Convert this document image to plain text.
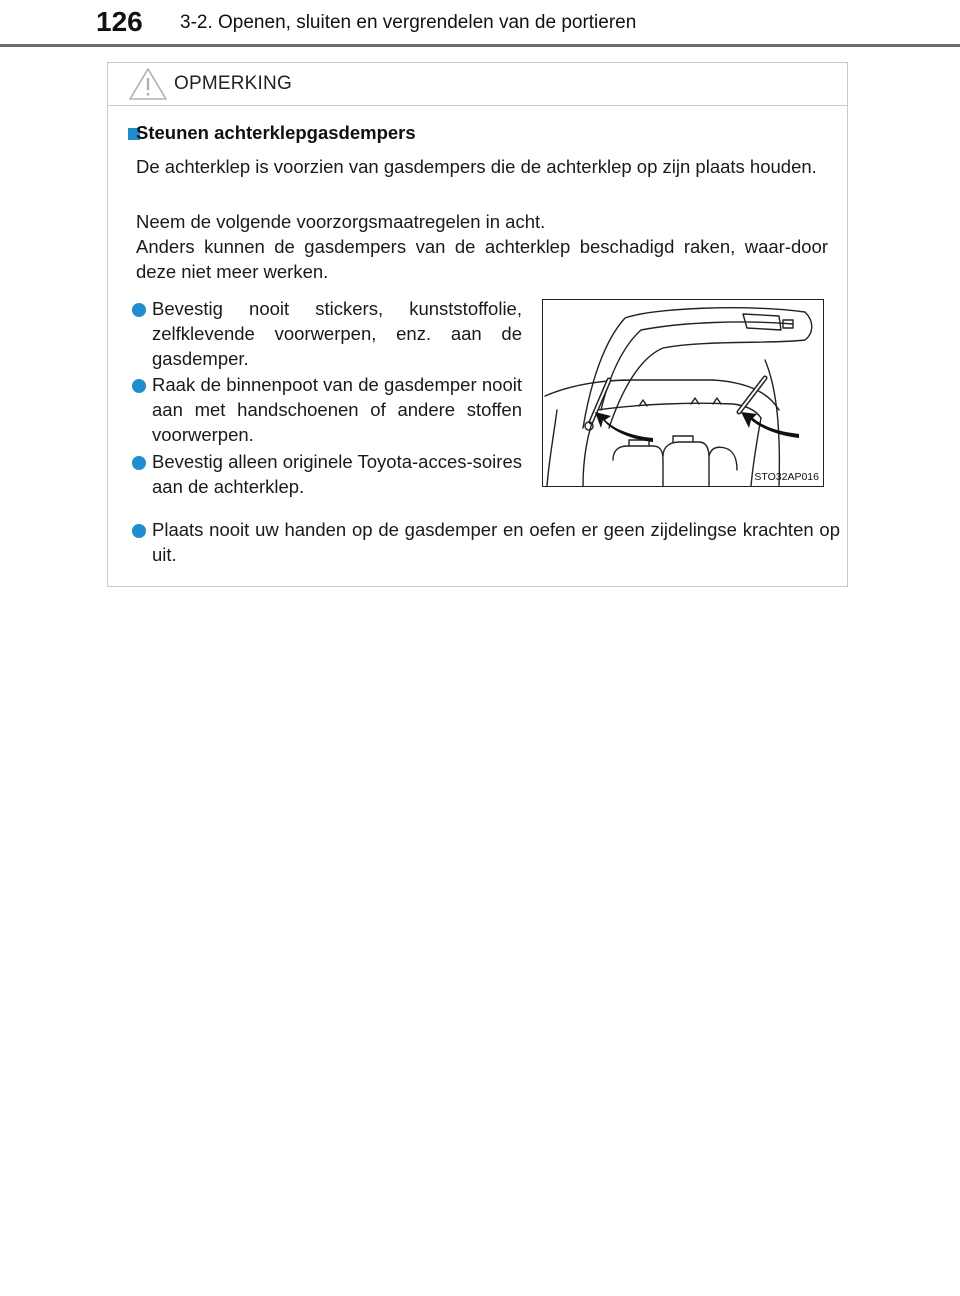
126 3-2. Openen, sluiten en vergrendelen van de portieren
OPMERKING
Steunen achterklepgasdempers

De achterklep is voorzien van gasdempers die de achterklep op zijn plaats houden.

Neem de volgende voorzorgsmaatregelen in acht.

Anders kunnen de gasdempers van de achterklep beschadigd raken, waar-door deze niet meer werken.

Bevestig nooit stickers, kunststoffolie, zelfklevende voorwerpen, enz. aan de gasdemper.

Raak de binnenpoot van de gasdemper nooit aan met handschoenen of andere stoffen voorwerpen.

Bevestig alleen originele Toyota-acces-soires aan de achterklep.

Plaats nooit uw handen op de gasdemper en oefen er geen zijdelingse krachten op uit.

STO32AP016
